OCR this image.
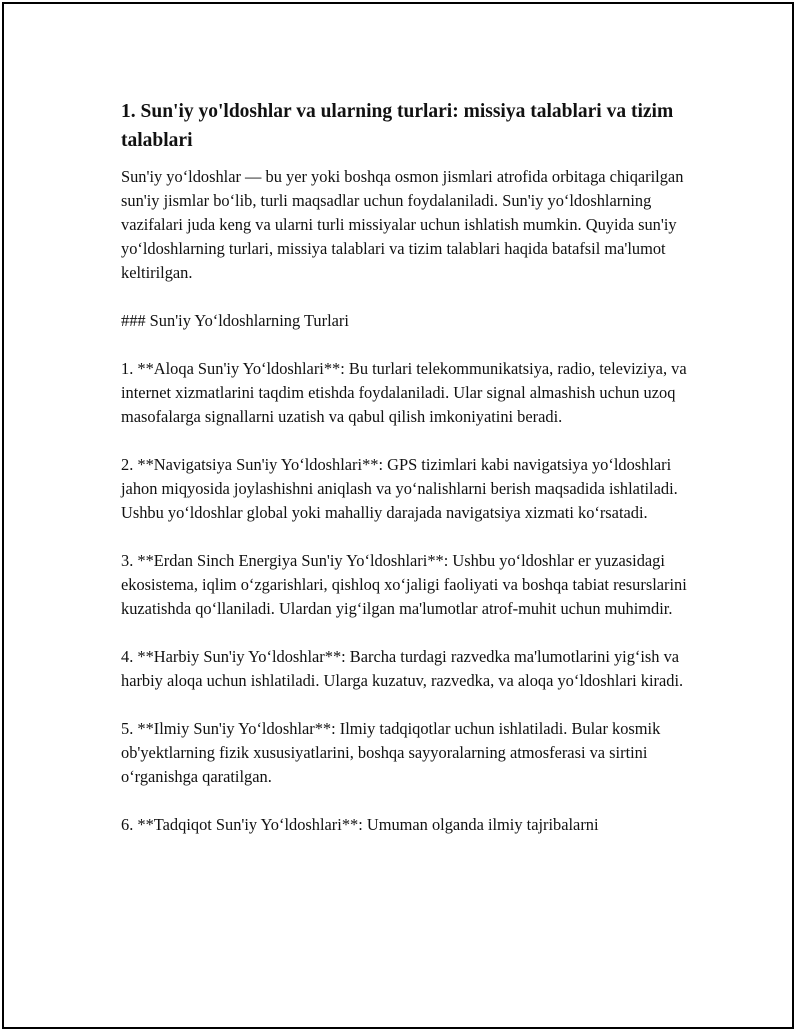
1. Sun'iy yo'ldoshlar va ularning turlari: missiya talablari va tizim talablari

Sun'iy yo‘ldoshlar — bu yer yoki boshqa osmon jismlari atrofida orbitaga chiqarilgan sun'iy jismlar bo‘lib, turli maqsadlar uchun foydalaniladi. Sun'iy yo‘ldoshlarning vazifalari juda keng va ularni turli missiyalar uchun ishlatish mumkin. Quyida sun'iy yo‘ldoshlarning turlari, missiya talablari va tizim talablari haqida batafsil ma'lumot keltirilgan.

### Sun'iy Yo‘ldoshlarning Turlari

1. **Aloqa Sun'iy Yo‘ldoshlari**: Bu turlari telekommunikatsiya, radio, televiziya, va internet xizmatlarini taqdim etishda foydalaniladi. Ular signal almashish uchun uzoq masofalarga signallarni uzatish va qabul qilish imkoniyatini beradi.

2. **Navigatsiya Sun'iy Yo‘ldoshlari**: GPS tizimlari kabi navigatsiya yo‘ldoshlari jahon miqyosida joylashishni aniqlash va yo‘nalishlarni berish maqsadida ishlatiladi. Ushbu yo‘ldoshlar global yoki mahalliy darajada navigatsiya xizmati ko‘rsatadi.

3. **Erdan Sinch Energiya Sun'iy Yo‘ldoshlari**: Ushbu yo‘ldoshlar er yuzasidagi ekosistema, iqlim o‘zgarishlari, qishloq xo‘jaligi faoliyati va boshqa tabiat resurslarini kuzatishda qo‘llaniladi. Ulardan yig‘ilgan ma'lumotlar atrof-muhit uchun muhimdir.

4. **Harbiy Sun'iy Yo‘ldoshlar**: Barcha turdagi razvedka ma'lumotlarini yig‘ish va harbiy aloqa uchun ishlatiladi. Ularga kuzatuv, razvedka, va aloqa yo‘ldoshlari kiradi.

5. **Ilmiy Sun'iy Yo‘ldoshlar**: Ilmiy tadqiqotlar uchun ishlatiladi. Bular kosmik ob'yektlarning fizik xususiyatlarini, boshqa sayyoralarning atmosferasi va sirtini o‘rganishga qaratilgan.

6. **Tadqiqot Sun'iy Yo‘ldoshlari**: Umuman olganda ilmiy tajribalarni
